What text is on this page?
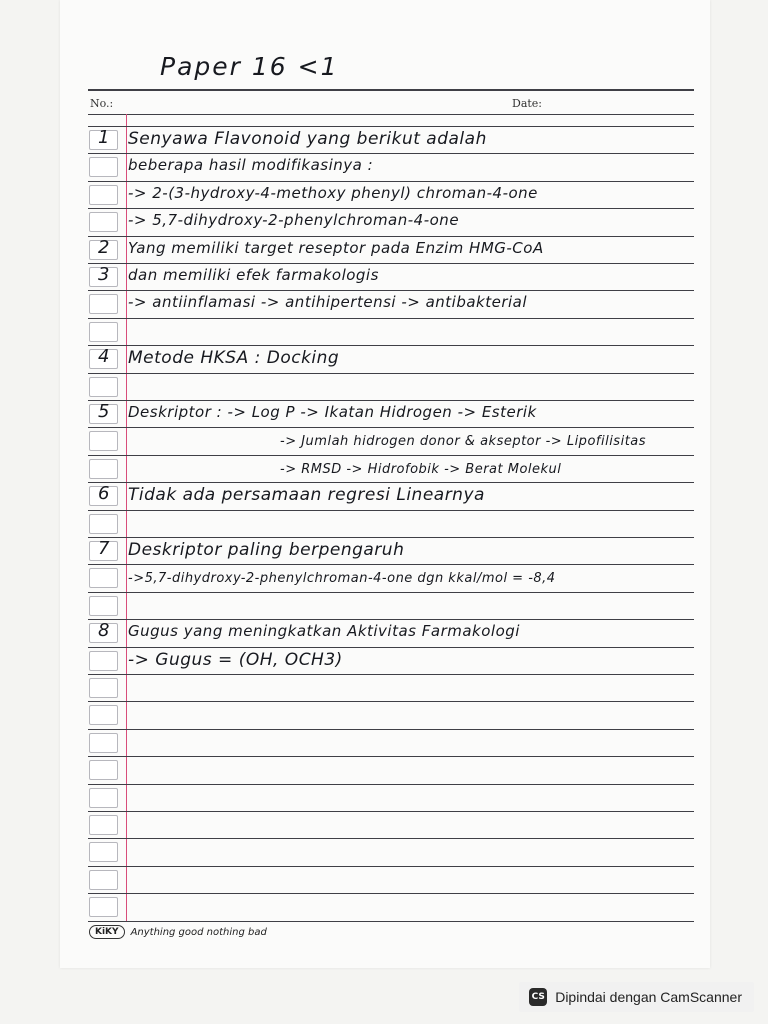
Paper 16 <1
No.:	Date:
1 Senyawa Flavonoid yang berikut adalah
beberapa hasil modifikasinya :
-> 2-(3-hydroxy-4-methoxy phenyl) chroman-4-one
-> 5,7-dihydroxy-2-phenylchroman-4-one
2 Yang memiliki target reseptor pada Enzim HMG-CoA
3 dan memiliki efek farmakologis
-> antiinflamasi -> antihipertensi -> antibakterial
4 Metode HKSA : Docking
5 Deskriptor : -> Log P -> Ikatan Hidrogen -> Esterik
-> Jumlah hidrogen donor & akseptor -> Lipofilisitas
-> RMSD -> Hidrofobik -> Berat Molekul
6 Tidak ada persamaan regresi Linearnya
7 Deskriptor paling berpengaruh
->5,7-dihydroxy-2-phenylchroman-4-one dgn kkal/mol = -8,4
8 Gugus yang meningkatkan Aktivitas Farmakologi
-> Gugus = (OH, OCH3)
KiKY	Anything good nothing bad
CS Dipindai dengan CamScanner
